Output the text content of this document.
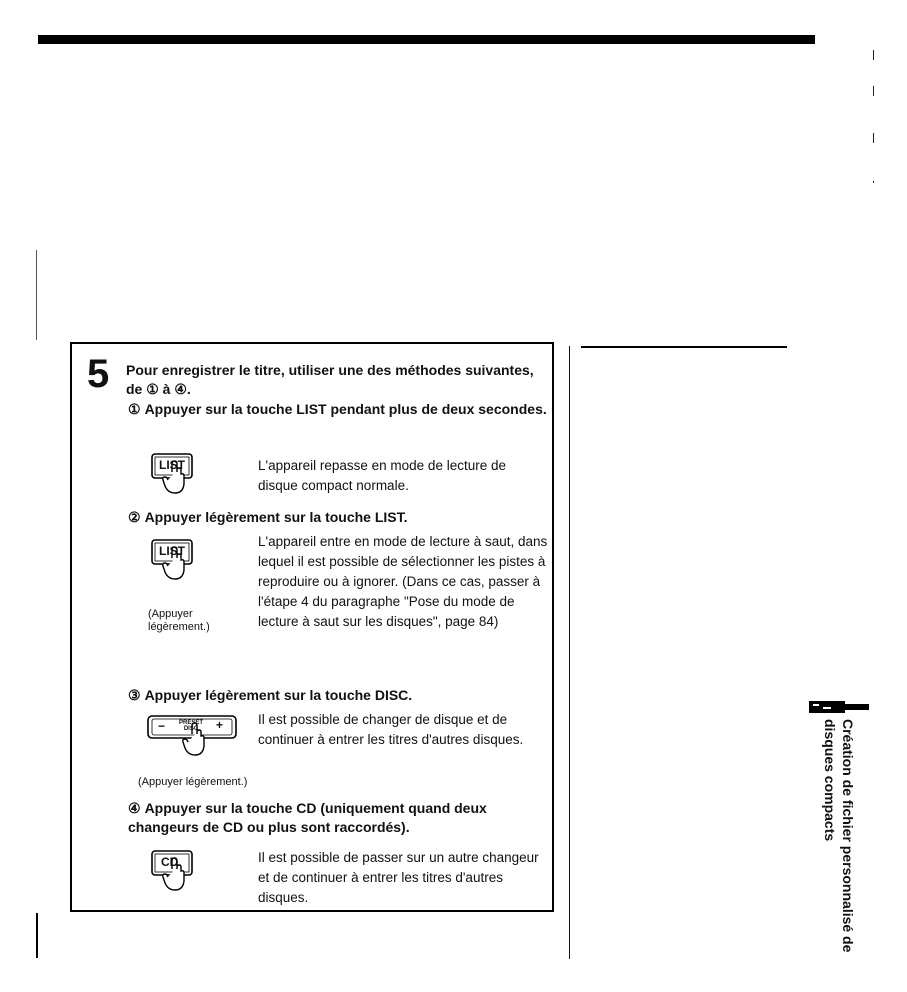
5 Pour enregistrer le titre, utiliser une des méthodes suivantes, de ① à ④.
① Appuyer sur la touche LIST pendant plus de deux secondes.
LIST	L'appareil repasse en mode de lecture de disque compact normale.
② Appuyer légèrement sur la touche LIST.
LIST
(Appuyer légèrement.)
L'appareil entre en mode de lecture à saut, dans lequel il est possible de sélectionner les pistes à reproduire ou à ignorer. (Dans ce cas, passer à l'étape 4 du paragraphe "Pose du mode de lecture à saut sur les disques", page 84)
③ Appuyer légèrement sur la touche DISC.
−	PRESET DISC	+
(Appuyer légèrement.)
Il est possible de changer de disque et de continuer à entrer les titres d'autres disques.
④ Appuyer sur la touche CD (uniquement quand deux changeurs de CD ou plus sont raccordés).
CD	Il est possible de passer sur un autre changeur et de continuer à entrer les titres d'autres disques.	Création de fichier personnalisé de disques compacts
